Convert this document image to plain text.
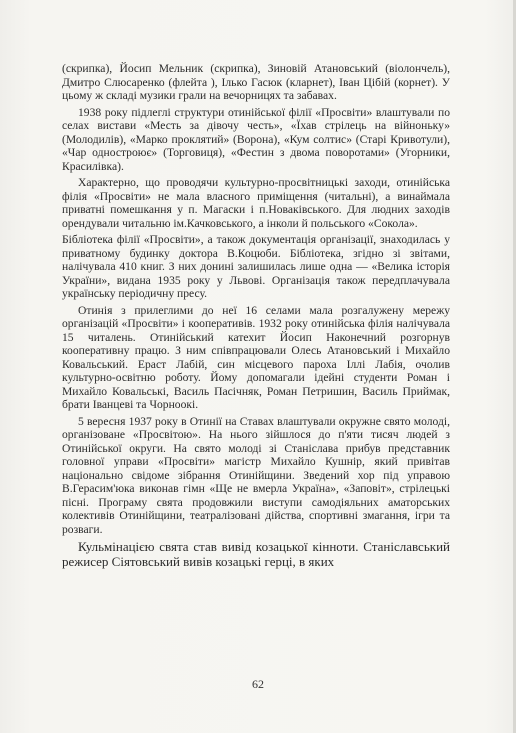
(скрипка), Йосип Мельник (скрипка), Зиновій Атановський (віолончель), Дмитро Слюсаренко (флейта ), Ілько Гасюк (кларнет), Іван Цібій (корнет). У цьому ж складі музики грали на вечорницях та забавах.

1938 року підлеглі структури отинійської філії «Просвіти» влаштували по селах вистави «Месть за дівочу честь», «Їхав стрілець на війноньку» (Молодилів), «Марко проклятий» (Ворона), «Кум солтис» (Старі Кривотули), «Чар одностроює» (Торговиця), «Фестин з двома поворотами» (Угорники, Красилівка).

Характерно, що проводячи культурно-просвітницькі заходи, отинійська філія «Просвіти» не мала власного приміщення (читальні), а винаймала приватні помешкання у п. Магаски і п.Новаківського. Для людних заходів орендували читальню ім.Качковського, а інколи й польського «Сокола».

Бібліотека філії «Просвіти», а також документація організації, знаходилась у приватному будинку доктора В.Коцюби. Бібліотека, згідно зі звітами, налічувала 410 книг. З них донині залишилась лише одна — «Велика історія України», видана 1935 року у Львові. Організація також передплачувала українську періодичну пресу.

Отинія з прилеглими до неї 16 селами мала розгалужену мережу організацій «Просвіти» і кооперативів. 1932 року отинійська філія налічувала 15 читалень. Отинійський катехит Йосип Наконечний розгорнув кооперативну працю. З ним співпрацювали Олесь Атановський і Михайло Ковальський. Ераст Лабій, син місцевого пароха Іллі Лабія, очолив культурно-освітню роботу. Йому допомагали ідейні студенти Роман і Михайло Ковальські, Василь Пасічняк, Роман Петришин, Василь Приймак, брати Іванцеві та Чорноокі.

5 вересня 1937 року в Отинії на Ставах влаштували окружне свято молоді, організоване «Просвітою». На нього зійшлося до п'яти тисяч людей з Отинійської округи. На свято молоді зі Станіслава прибув представник головної управи «Просвіти» магістр Михайло Кушнір, який привітав національно свідоме зібрання Отинійщини. Зведений хор під управою В.Герасим'юка виконав гімн «Ще не вмерла Україна», «Заповіт», стрілецькі пісні. Програму свята продовжили виступи самодіяльних аматорських колективів Отинійщини, театралізовані дійства, спортивні змагання, ігри та розваги.

Кульмінацією свята став вивід козацької кінноти. Станіславський режисер Сіятовський вивів козацькі герці, в яких

62
